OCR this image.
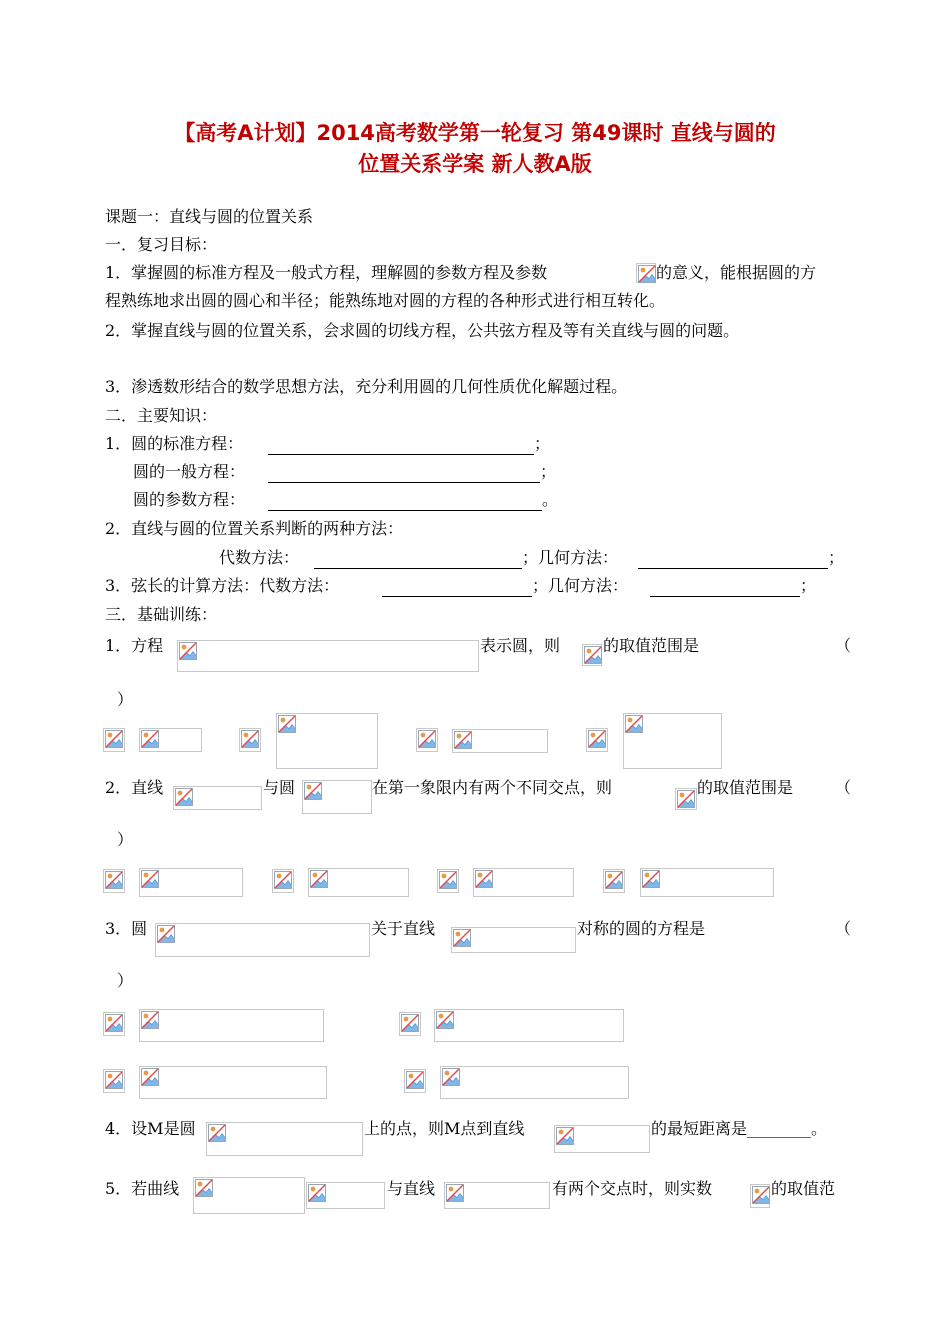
【高考A计划】2014高考数学第一轮复习 第49课时 直线与圆的
位置关系学案 新人教A版
课题一：直线与圆的位置关系
一．复习目标：
1．掌握圆的标准方程及一般式方程，理解圆的参数方程及参数	的意义，能根据圆的方
程熟练地求出圆的圆心和半径；能熟练地对圆的方程的各种形式进行相互转化。
2．掌握直线与圆的位置关系，会求圆的切线方程，公共弦方程及等有关直线与圆的问题。
3．渗透数形结合的数学思想方法，充分利用圆的几何性质优化解题过程。
二．主要知识：
1．圆的标准方程：	；
圆的一般方程：	；
圆的参数方程：	。
2．直线与圆的位置关系判断的两种方法：
代数方法：	；几何方法：	；
3．弦长的计算方法：代数方法：	；几何方法：	；
三．基础训练：
1．方程	表示圆，则	的取值范围是	（
）
2．直线	与圆	在第一象限内有两个不同交点，则	的取值范围是	（
）
3．圆	关于直线	对称的圆的方程是	（
）
4．设M是圆	上的点，则M点到直线	的最短距离是________。
5．若曲线	与直线	有两个交点时，则实数	的取值范
